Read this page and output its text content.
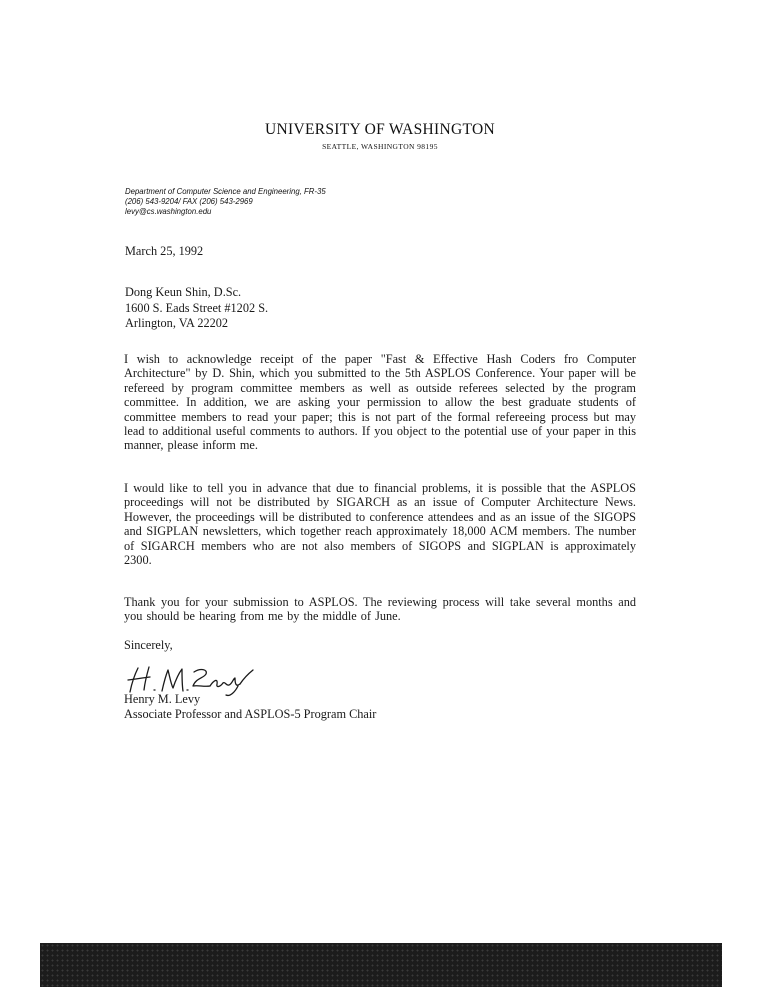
UNIVERSITY OF WASHINGTON
SEATTLE, WASHINGTON 98195
Department of Computer Science and Engineering, FR-35
(206) 543-9204/ FAX (206) 543-2969
levy@cs.washington.edu
March 25, 1992
Dong Keun Shin, D.Sc.
1600 S. Eads Street #1202 S.
Arlington, VA 22202
I wish to acknowledge receipt of the paper "Fast & Effective Hash Coders fro Computer Architecture" by D. Shin, which you submitted to the 5th ASPLOS Conference. Your paper will be refereed by program committee members as well as outside referees selected by the program committee. In addition, we are asking your permission to allow the best graduate students of committee members to read your paper; this is not part of the formal refereeing process but may lead to additional useful comments to authors. If you object to the potential use of your paper in this manner, please inform me.
I would like to tell you in advance that due to financial problems, it is possible that the ASPLOS proceedings will not be distributed by SIGARCH as an issue of Computer Architecture News. However, the proceedings will be distributed to conference attendees and as an issue of the SIGOPS and SIGPLAN newsletters, which together reach approximately 18,000 ACM members. The number of SIGARCH members who are not also members of SIGOPS and SIGPLAN is approximately 2300.
Thank you for your submission to ASPLOS. The reviewing process will take several months and you should be hearing from me by the middle of June.
Sincerely,
Henry M. Levy
Associate Professor and ASPLOS-5 Program Chair
